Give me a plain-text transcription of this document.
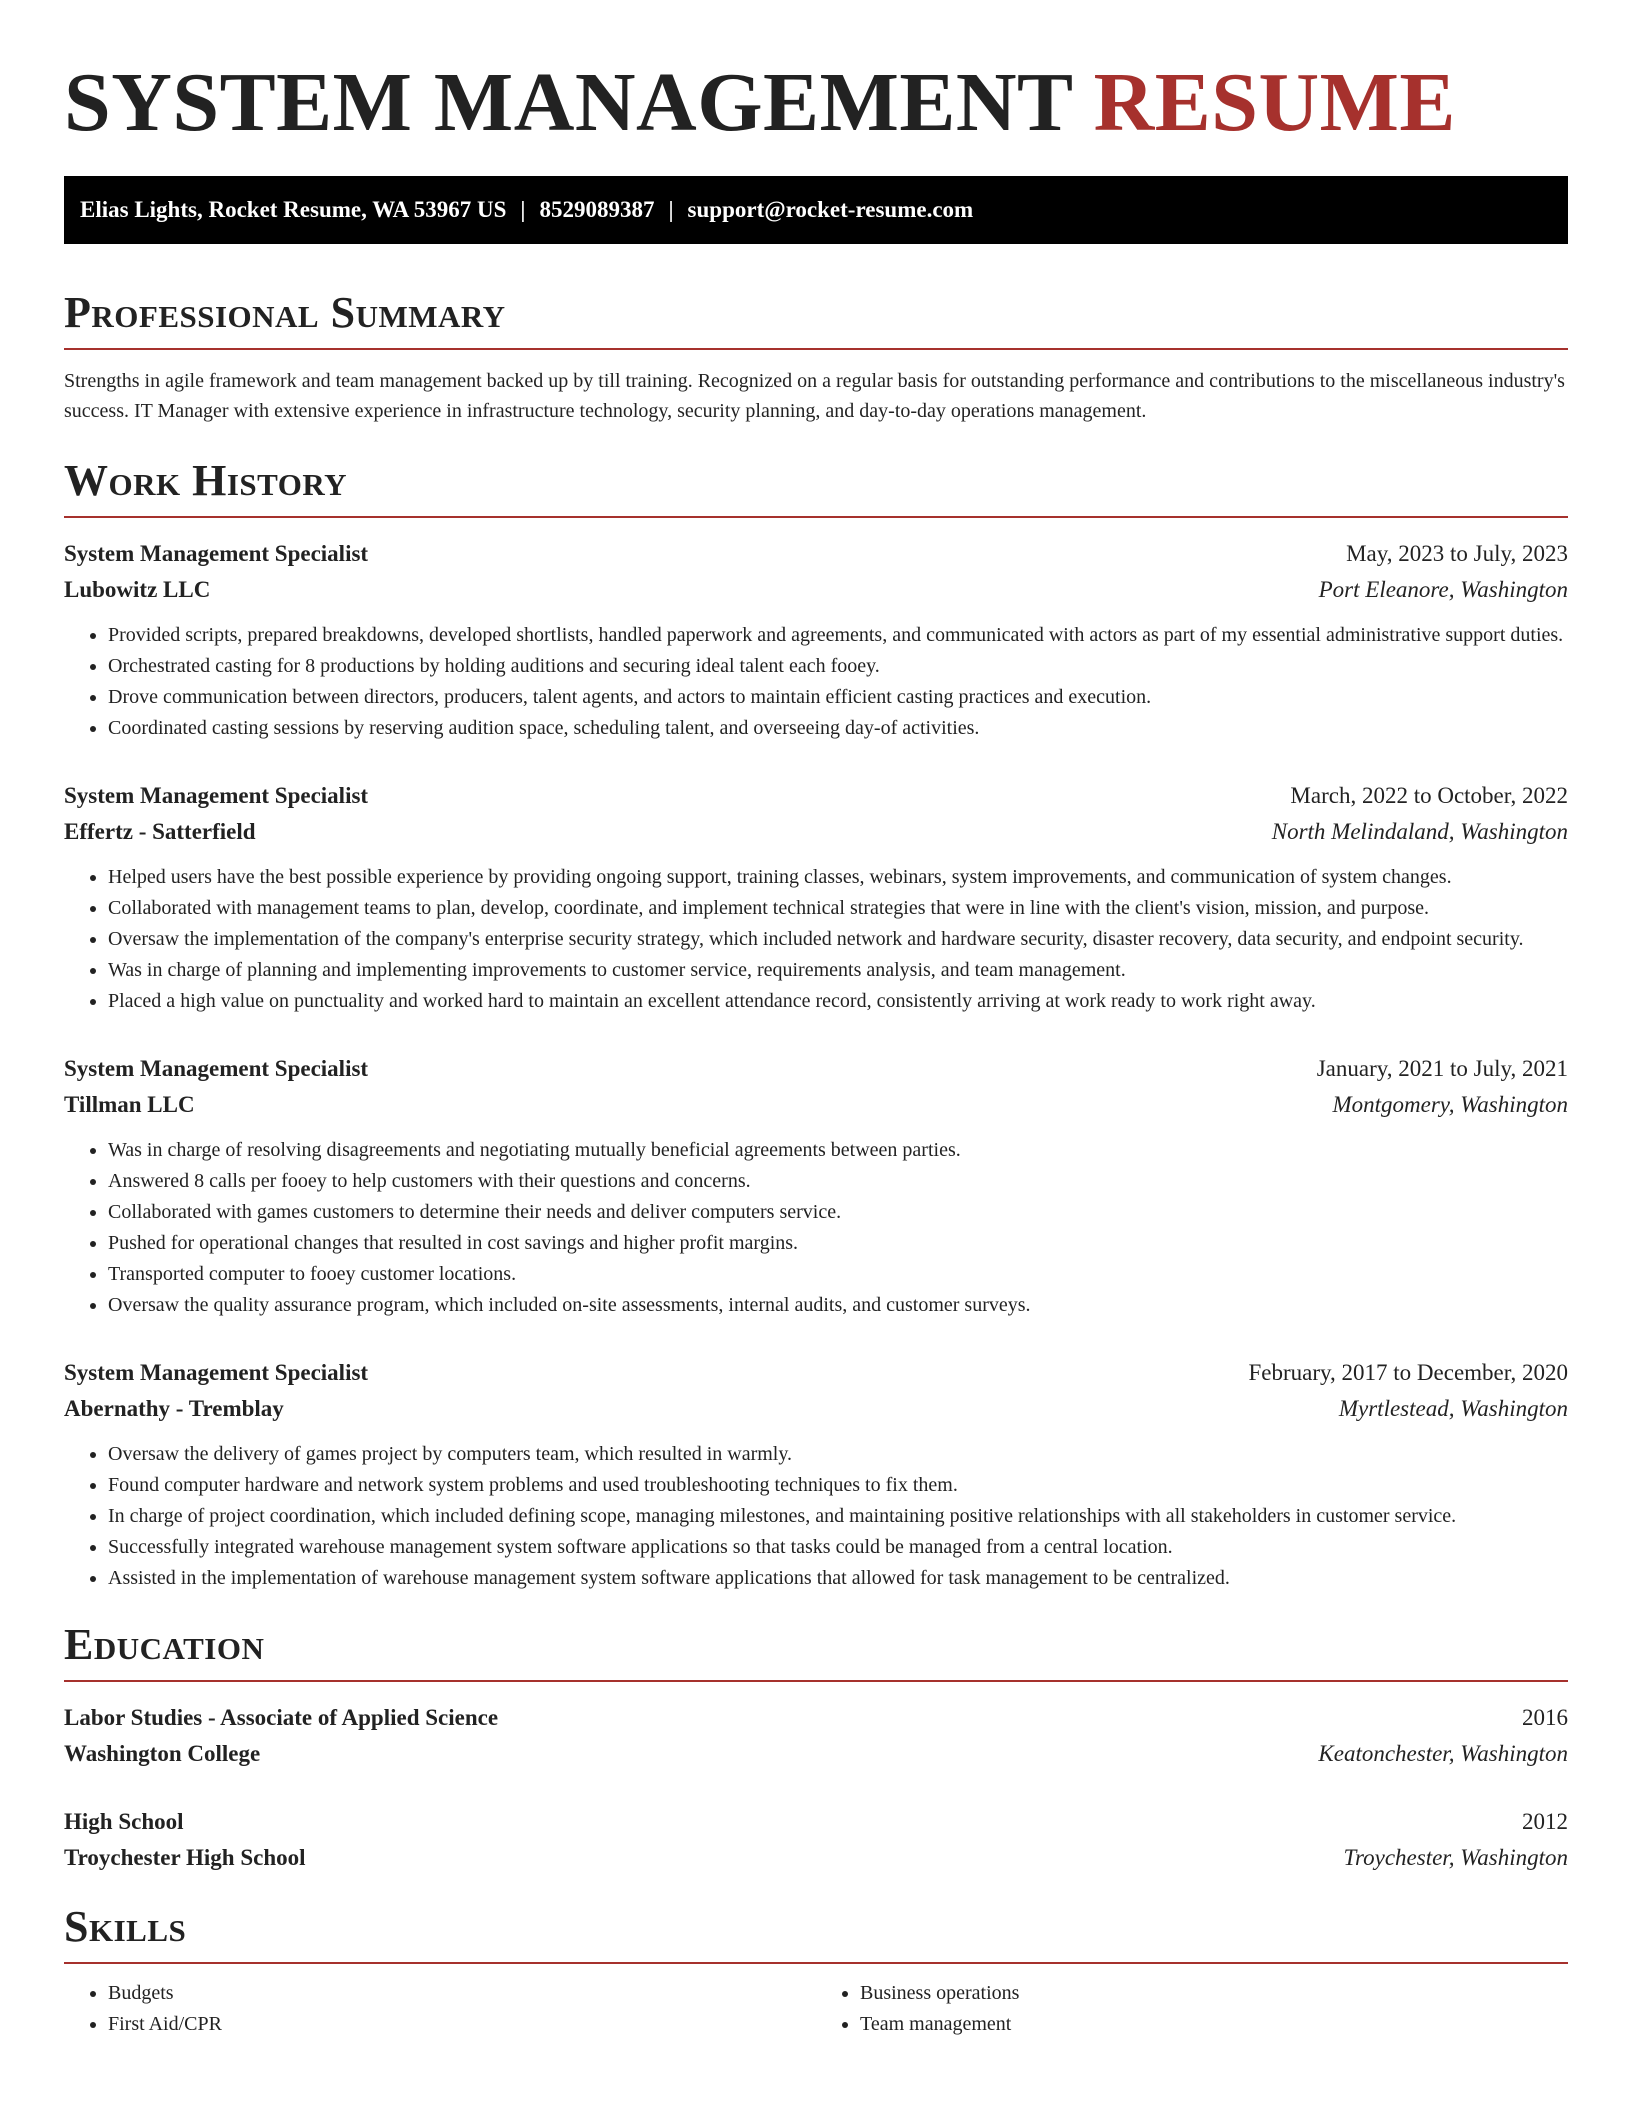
SYSTEM MANAGEMENT RESUME
Elias Lights, Rocket Resume, WA 53967 US | 8529089387 | support@rocket-resume.com
Professional Summary

Strengths in agile framework and team management backed up by till training. Recognized on a regular basis for outstanding performance and contributions to the miscellaneous industry's success. IT Manager with extensive experience in infrastructure technology, security planning, and day-to-day operations management.

Work History
System Management Specialist	May, 2023 to July, 2023
Lubowitz LLC	Port Eleanore, Washington
• Provided scripts, prepared breakdowns, developed shortlists, handled paperwork and agreements, and communicated with actors as part of my essential administrative support duties.
• Orchestrated casting for 8 productions by holding auditions and securing ideal talent each fooey.
• Drove communication between directors, producers, talent agents, and actors to maintain efficient casting practices and execution.
• Coordinated casting sessions by reserving audition space, scheduling talent, and overseeing day-of activities.
System Management Specialist	March, 2022 to October, 2022
Effertz - Satterfield	North Melindaland, Washington
• Helped users have the best possible experience by providing ongoing support, training classes, webinars, system improvements, and communication of system changes.
• Collaborated with management teams to plan, develop, coordinate, and implement technical strategies that were in line with the client's vision, mission, and purpose.
• Oversaw the implementation of the company's enterprise security strategy, which included network and hardware security, disaster recovery, data security, and endpoint security.
• Was in charge of planning and implementing improvements to customer service, requirements analysis, and team management.
• Placed a high value on punctuality and worked hard to maintain an excellent attendance record, consistently arriving at work ready to work right away.
System Management Specialist	January, 2021 to July, 2021
Tillman LLC	Montgomery, Washington
• Was in charge of resolving disagreements and negotiating mutually beneficial agreements between parties.
• Answered 8 calls per fooey to help customers with their questions and concerns.
• Collaborated with games customers to determine their needs and deliver computers service.
• Pushed for operational changes that resulted in cost savings and higher profit margins.
• Transported computer to fooey customer locations.
• Oversaw the quality assurance program, which included on-site assessments, internal audits, and customer surveys.
System Management Specialist	February, 2017 to December, 2020
Abernathy - Tremblay	Myrtlestead, Washington
• Oversaw the delivery of games project by computers team, which resulted in warmly.
• Found computer hardware and network system problems and used troubleshooting techniques to fix them.
• In charge of project coordination, which included defining scope, managing milestones, and maintaining positive relationships with all stakeholders in customer service.
• Successfully integrated warehouse management system software applications so that tasks could be managed from a central location.
• Assisted in the implementation of warehouse management system software applications that allowed for task management to be centralized.
Education
Labor Studies - Associate of Applied Science	2016
Washington College	Keatonchester, Washington
High School	2012
Troychester High School	Troychester, Washington
Skills
• Budgets
• First Aid/CPR
• Business operations
• Team management
